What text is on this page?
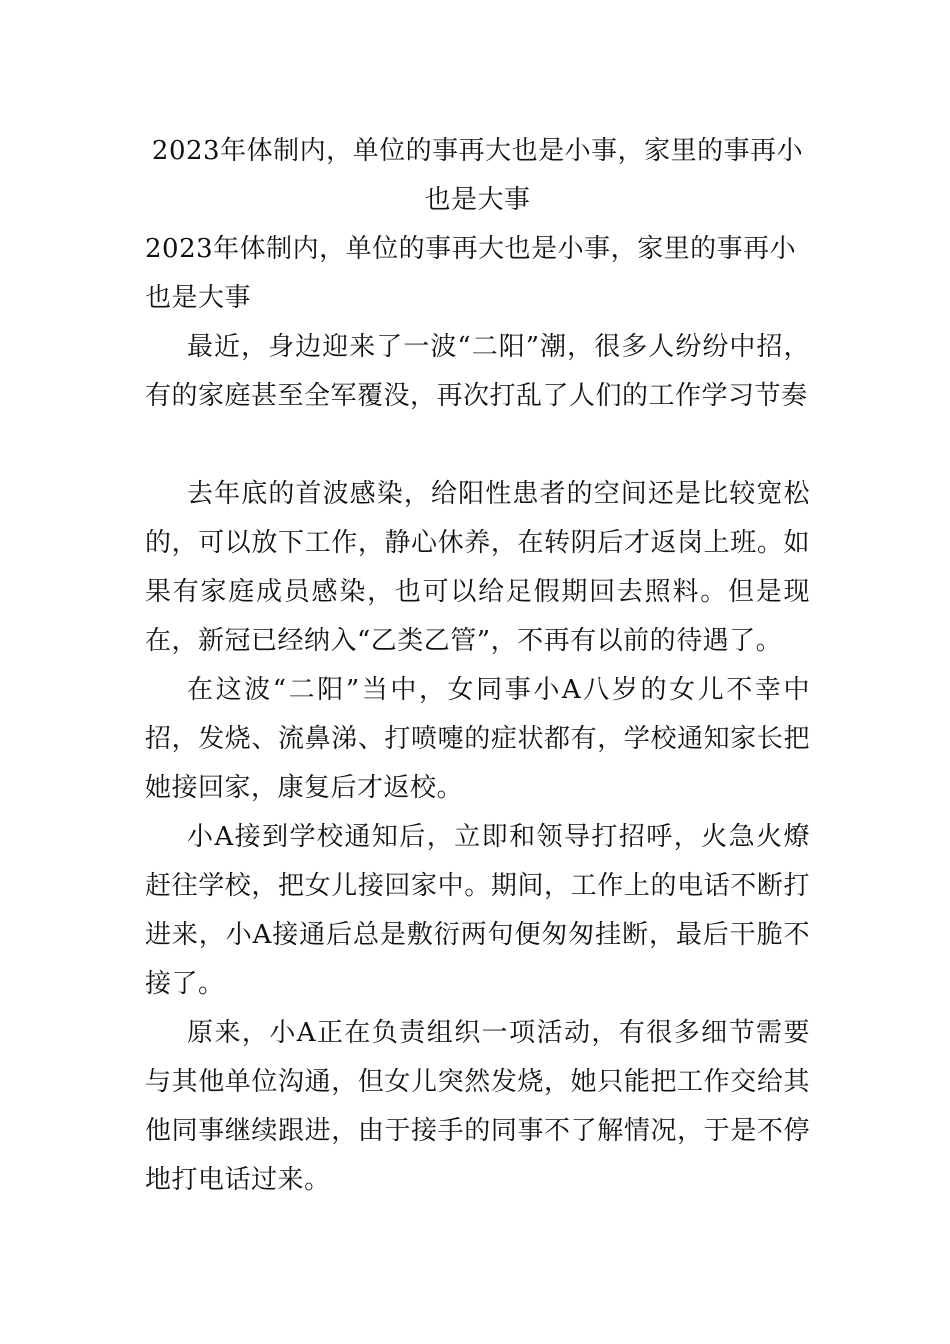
2023年体制内，单位的事再大也是小事，家里的事再小也是大事
2023年体制内，单位的事再大也是小事，家里的事再小也是大事

最近，身边迎来了一波“二阳”潮，很多人纷纷中招，有的家庭甚至全军覆没，再次打乱了人们的工作学习节奏

去年底的首波感染，给阳性患者的空间还是比较宽松的，可以放下工作，静心休养，在转阴后才返岗上班。如果有家庭成员感染，也可以给足假期回去照料。但是现在，新冠已经纳入“乙类乙管”，不再有以前的待遇了。

在这波“二阳”当中，女同事小A八岁的女儿不幸中招，发烧、流鼻涕、打喷嚏的症状都有，学校通知家长把她接回家，康复后才返校。

小A接到学校通知后，立即和领导打招呼，火急火燎赶往学校，把女儿接回家中。期间，工作上的电话不断打进来，小A接通后总是敷衍两句便匆匆挂断，最后干脆不接了。

原来，小A正在负责组织一项活动，有很多细节需要与其他单位沟通，但女儿突然发烧，她只能把工作交给其他同事继续跟进，由于接手的同事不了解情况，于是不停地打电话过来。
